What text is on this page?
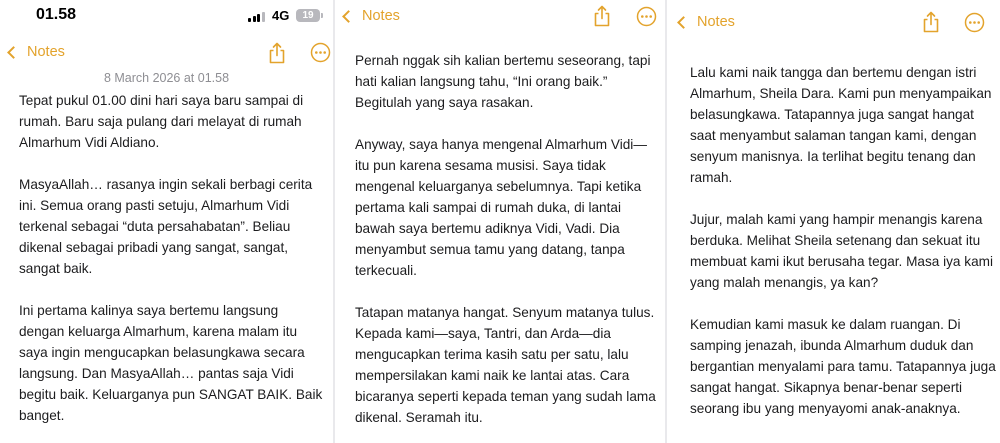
01.58	4G	19
Notes
8 March 2026 at 01.58

Tepat pukul 01.00 dini hari saya baru sampai di rumah. Baru saja pulang dari melayat di rumah Almarhum Vidi Aldiano.

MasyaAllah… rasanya ingin sekali berbagi cerita ini. Semua orang pasti setuju, Almarhum Vidi terkenal sebagai “duta persahabatan”. Beliau dikenal sebagai pribadi yang sangat, sangat, sangat baik.

Ini pertama kalinya saya bertemu langsung dengan keluarga Almarhum, karena malam itu saya ingin mengucapkan belasungkawa secara langsung. Dan MasyaAllah… pantas saja Vidi begitu baik. Keluarganya pun SANGAT BAIK. Baik banget.

Notes

Pernah nggak sih kalian bertemu seseorang, tapi hati kalian langsung tahu, “Ini orang baik.” Begitulah yang saya rasakan.

Anyway, saya hanya mengenal Almarhum Vidi—itu pun karena sesama musisi. Saya tidak mengenal keluarganya sebelumnya. Tapi ketika pertama kali sampai di rumah duka, di lantai bawah saya bertemu adiknya Vidi, Vadi. Dia menyambut semua tamu yang datang, tanpa terkecuali.

Tatapan matanya hangat. Senyum matanya tulus. Kepada kami—saya, Tantri, dan Arda—dia mengucapkan terima kasih satu per satu, lalu mempersilakan kami naik ke lantai atas. Cara bicaranya seperti kepada teman yang sudah lama dikenal. Seramah itu.

Notes

Lalu kami naik tangga dan bertemu dengan istri Almarhum, Sheila Dara. Kami pun menyampaikan belasungkawa. Tatapannya juga sangat hangat saat menyambut salaman tangan kami, dengan senyum manisnya. Ia terlihat begitu tenang dan ramah.

Jujur, malah kami yang hampir menangis karena berduka. Melihat Sheila setenang dan sekuat itu membuat kami ikut berusaha tegar. Masa iya kami yang malah menangis, ya kan?

Kemudian kami masuk ke dalam ruangan. Di samping jenazah, ibunda Almarhum duduk dan bergantian menyalami para tamu. Tatapannya juga sangat hangat. Sikapnya benar-benar seperti seorang ibu yang menyayomi anak-anaknya.
